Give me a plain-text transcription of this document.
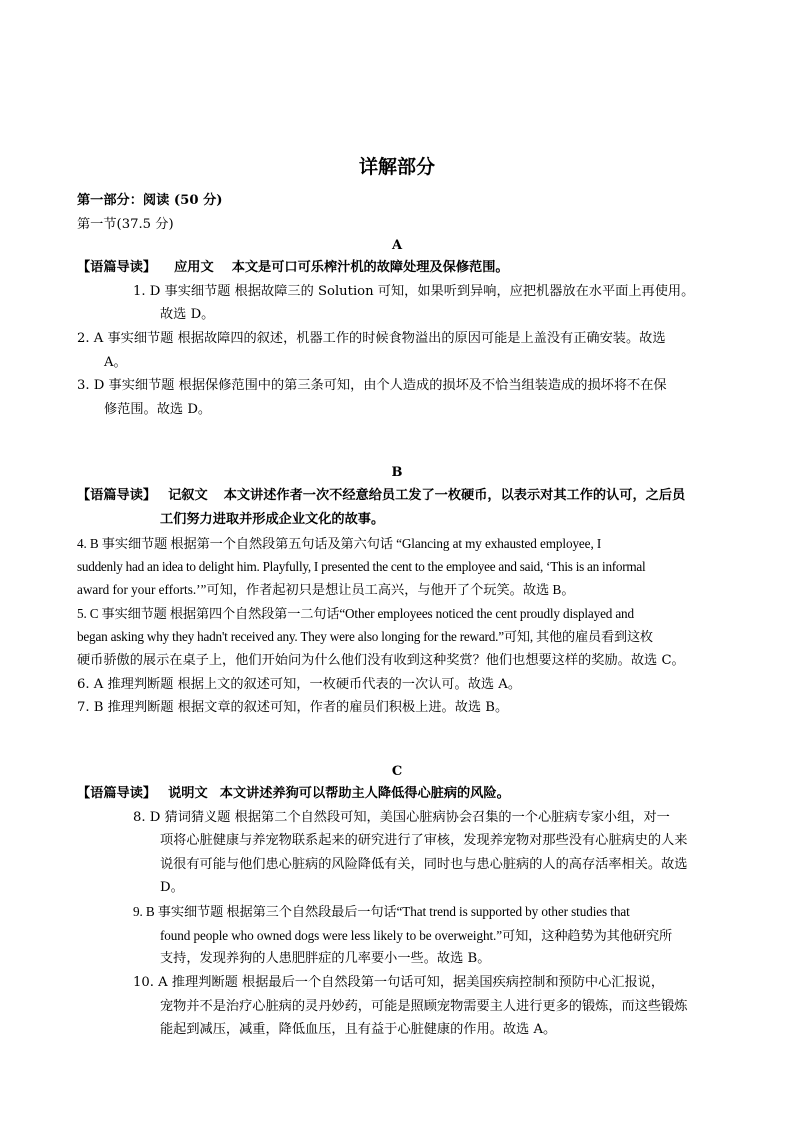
详解部分
第一部分：阅读 (50 分)
第一节(37.5 分)
A
【语篇导读】 应用文 本文是可口可乐榨汁机的故障处理及保修范围。
1. D 事实细节题 根据故障三的 Solution 可知，如果听到异响，应把机器放在水平面上再使用。
故选 D。
2. A 事实细节题 根据故障四的叙述，机器工作的时候食物溢出的原因可能是上盖没有正确安装。故选
A。
3. D 事实细节题 根据保修范围中的第三条可知，由个人造成的损坏及不恰当组装造成的损坏将不在保
修范围。故选 D。
B
【语篇导读】 记叙文 本文讲述作者一次不经意给员工发了一枚硬币，以表示对其工作的认可，之后员
工们努力进取并形成企业文化的故事。
4. B 事实细节题 根据第一个自然段第五句话及第六句话 “Glancing at my exhausted employee, I
suddenly had an idea to delight him. Playfully, I presented the cent to the employee and said, ‘This is an informal
award for your efforts.’”可知，作者起初只是想让员工高兴，与他开了个玩笑。故选 B。
5. C 事实细节题 根据第四个自然段第一二句话“Other employees noticed the cent proudly displayed and
began asking why they hadn't received any. They were also longing for the reward.”可知, 其他的雇员看到这枚
硬币骄傲的展示在桌子上，他们开始问为什么他们没有收到这种奖赏？他们也想要这样的奖励。故选 C。
6. A 推理判断题 根据上文的叙述可知，一枚硬币代表的一次认可。故选 A。
7. B 推理判断题 根据文章的叙述可知，作者的雇员们积极上进。故选 B。
C
【语篇导读】 说明文 本文讲述养狗可以帮助主人降低得心脏病的风险。
8. D 猜词猜义题 根据第二个自然段可知，美国心脏病协会召集的一个心脏病专家小组，对一
项将心脏健康与养宠物联系起来的研究进行了审核，发现养宠物对那些没有心脏病史的人来
说很有可能与他们患心脏病的风险降低有关，同时也与患心脏病的人的高存活率相关。故选
D。
9. B 事实细节题 根据第三个自然段最后一句话“That trend is supported by other studies that
found people who owned dogs were less likely to be overweight.”可知，这种趋势为其他研究所
支持，发现养狗的人患肥胖症的几率要小一些。故选 B。
10. A 推理判断题 根据最后一个自然段第一句话可知，据美国疾病控制和预防中心汇报说，
宠物并不是治疗心脏病的灵丹妙药，可能是照顾宠物需要主人进行更多的锻炼，而这些锻炼
能起到减压，减重，降低血压，且有益于心脏健康的作用。故选 A。
